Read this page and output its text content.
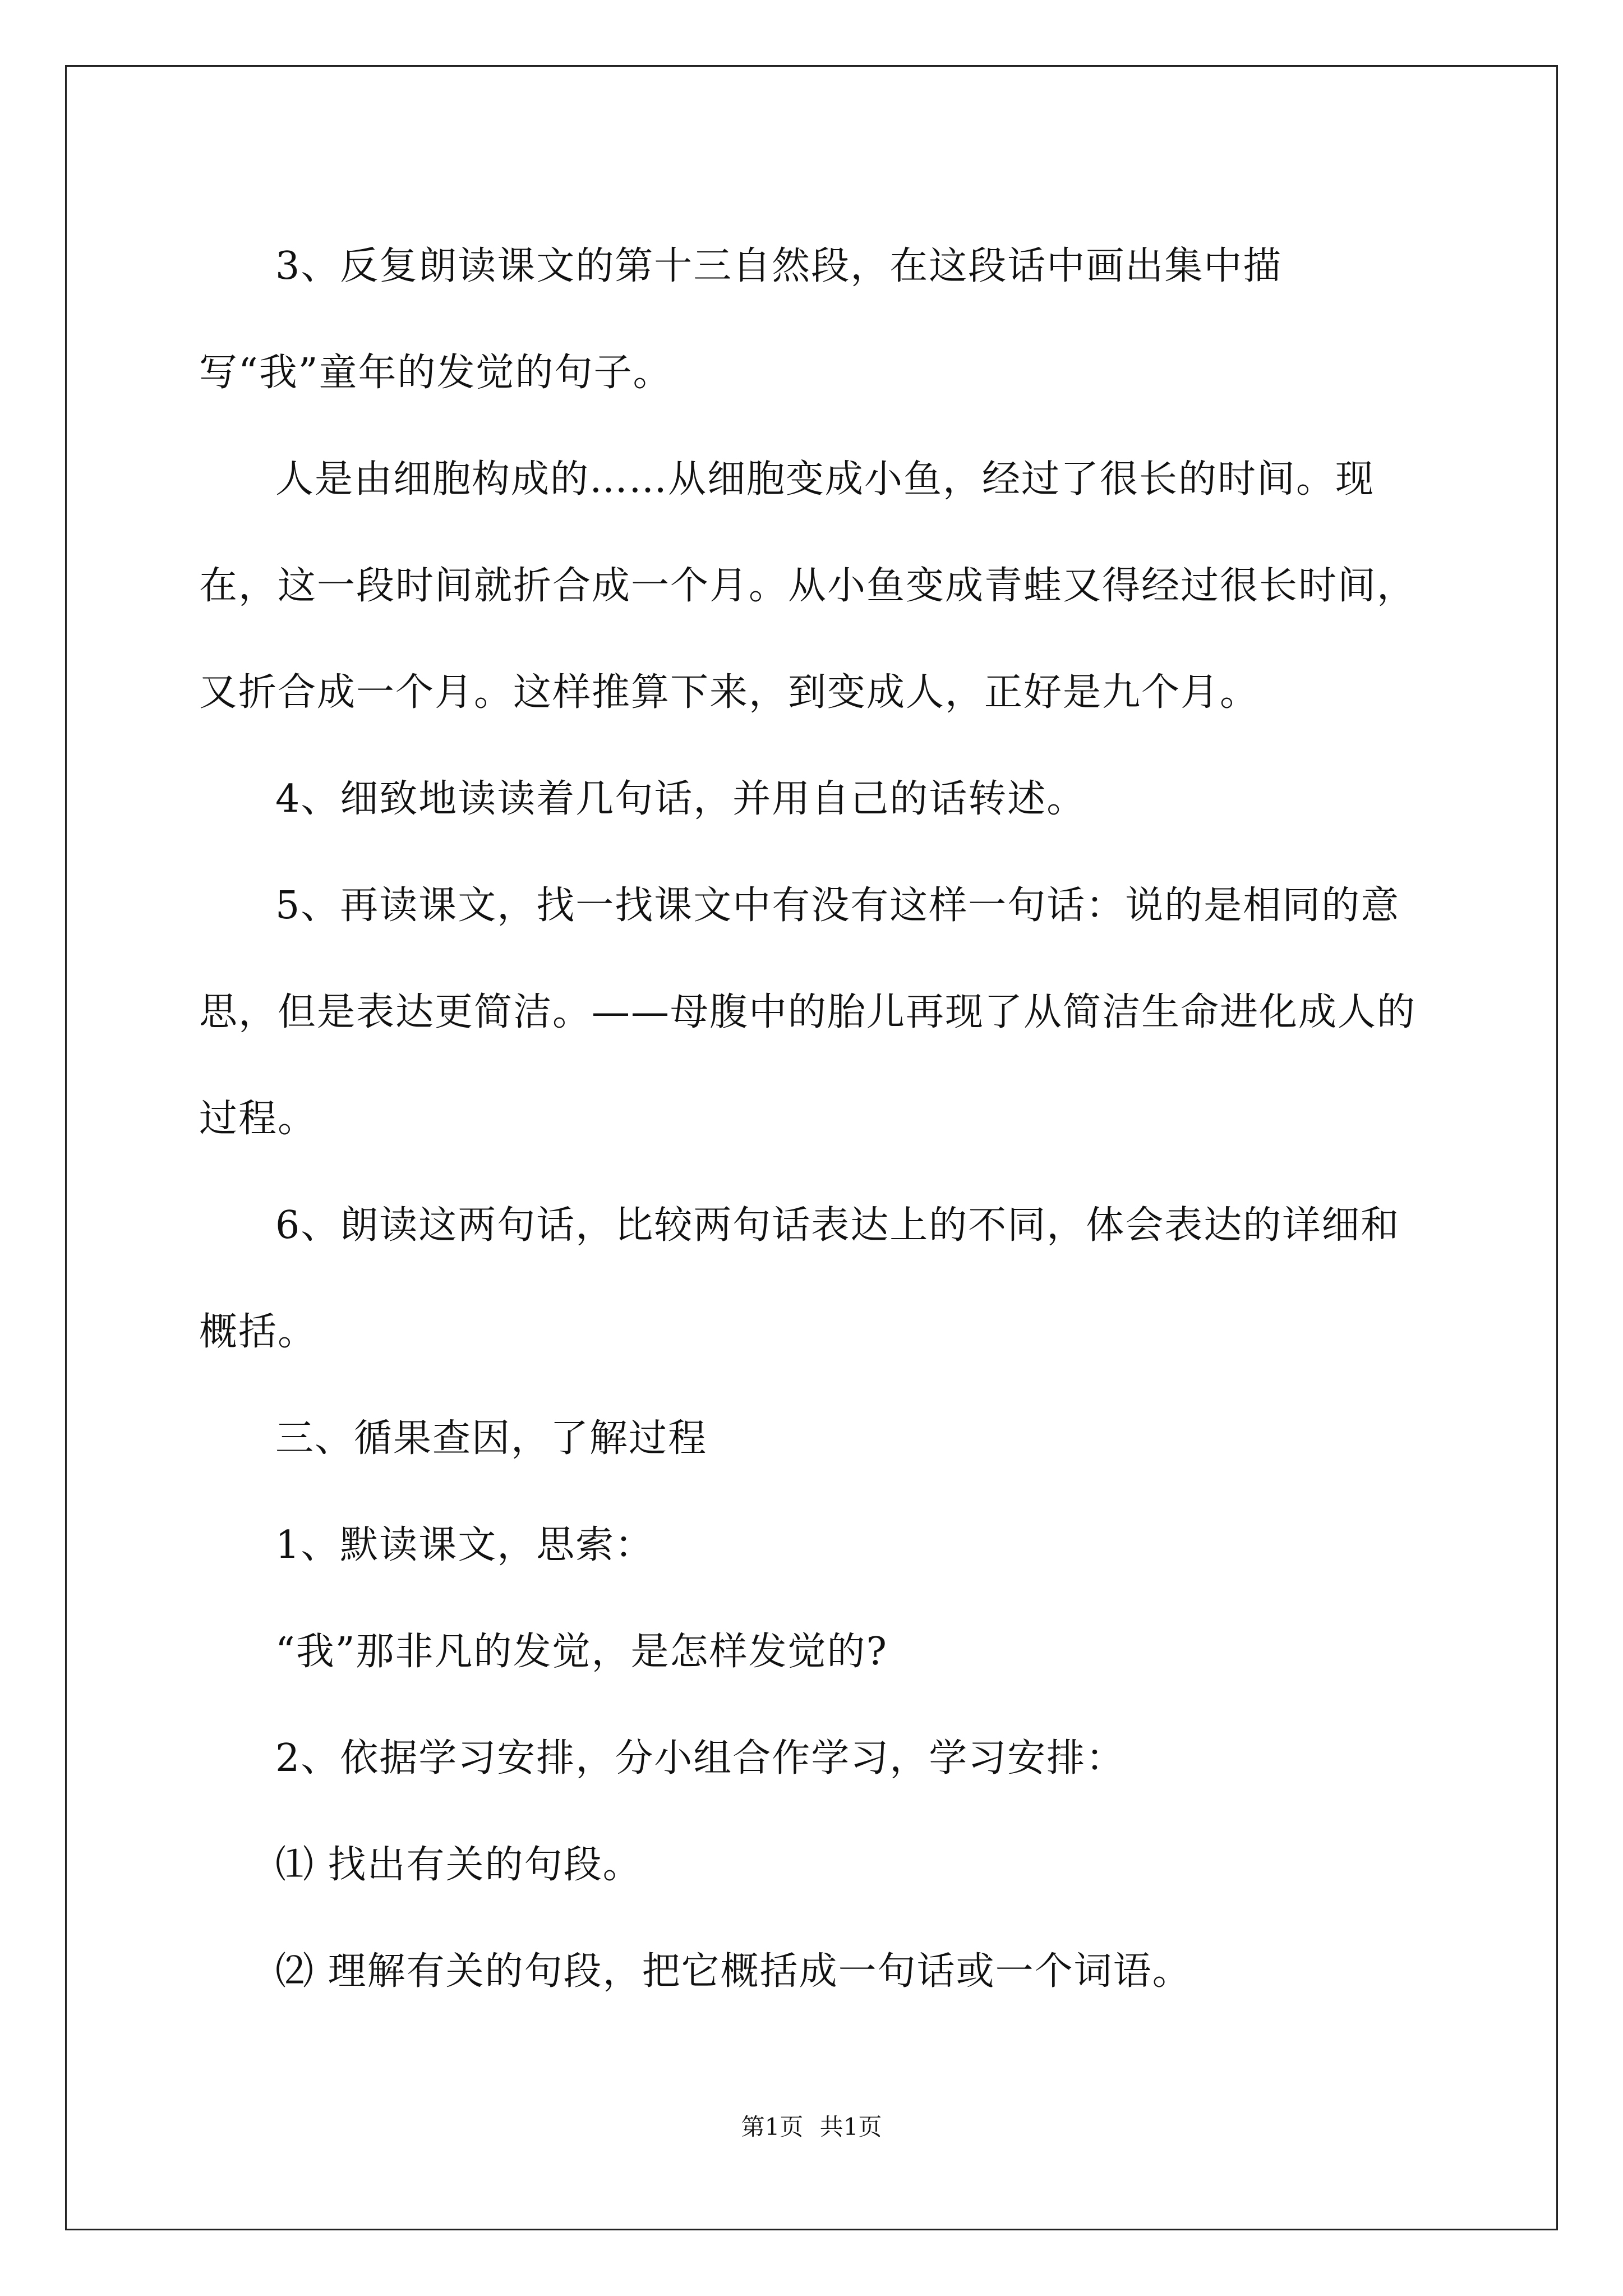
3、反复朗读课文的第十三自然段，在这段话中画出集中描写“我”童年的发觉的句子。

人是由细胞构成的……从细胞变成小鱼，经过了很长的时间。现在，这一段时间就折合成一个月。从小鱼变成青蛙又得经过很长时间，又折合成一个月。这样推算下来，到变成人，正好是九个月。

4、细致地读读着几句话，并用自己的话转述。

5、再读课文，找一找课文中有没有这样一句话：说的是相同的意思，但是表达更简洁。——母腹中的胎儿再现了从简洁生命进化成人的过程。

6、朗读这两句话，比较两句话表达上的不同，体会表达的详细和概括。

三、循果查因，了解过程

1、默读课文，思索：

“我”那非凡的发觉，是怎样发觉的?

2、依据学习安排，分小组合作学习，学习安排：

⑴ 找出有关的句段。

⑵ 理解有关的句段，把它概括成一句话或一个词语。

第1页 共1页
